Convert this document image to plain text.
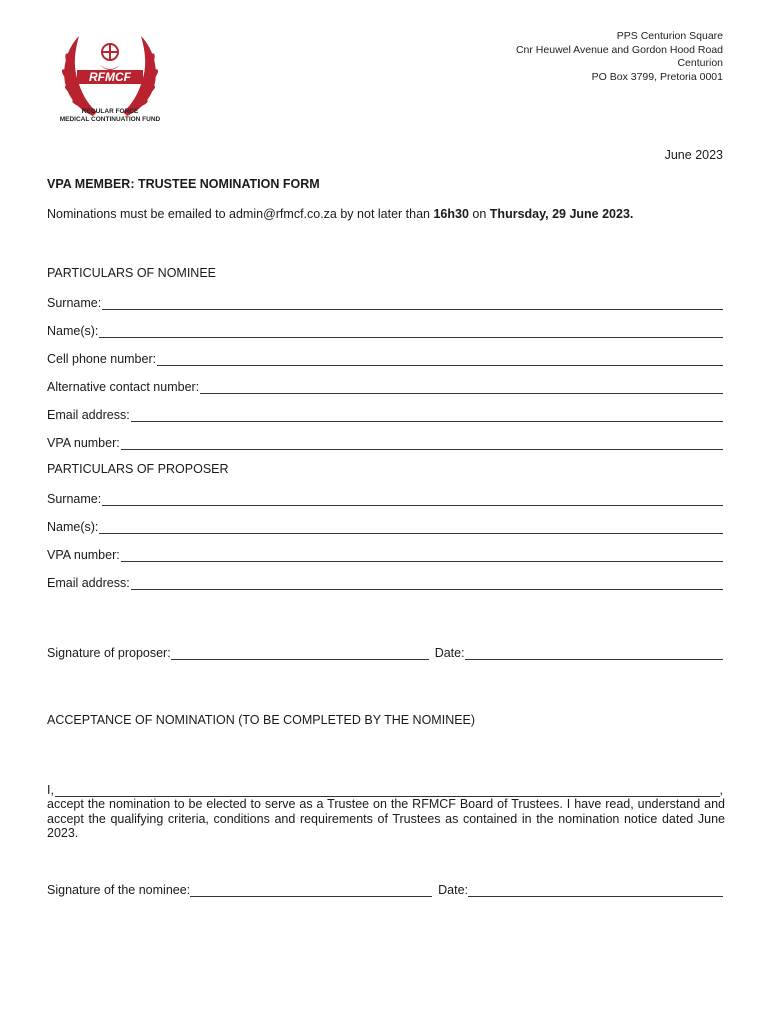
RFMCF
REGULAR FORCE
MEDICAL CONTINUATION FUND
PPS Centurion Square
Cnr Heuwel Avenue and Gordon Hood Road
Centurion
PO Box 3799, Pretoria 0001
June 2023
VPA MEMBER: TRUSTEE NOMINATION FORM
Nominations must be emailed to admin@rfmcf.co.za by not later than 16h30 on Thursday, 29 June 2023.
PARTICULARS OF NOMINEE
Surname:
Name(s):
Cell phone number:
Alternative contact number:
Email address:
VPA number:
PARTICULARS OF PROPOSER
Surname:
Name(s):
VPA number:
Email address:
Signature of proposer:	Date:
ACCEPTANCE OF NOMINATION (TO BE COMPLETED BY THE NOMINEE)
I,	,
accept the nomination to be elected to serve as a Trustee on the RFMCF Board of Trustees. I have read, understand and accept the qualifying criteria, conditions and requirements of Trustees as contained in the nomination notice dated June 2023.
Signature of the nominee:	Date:
